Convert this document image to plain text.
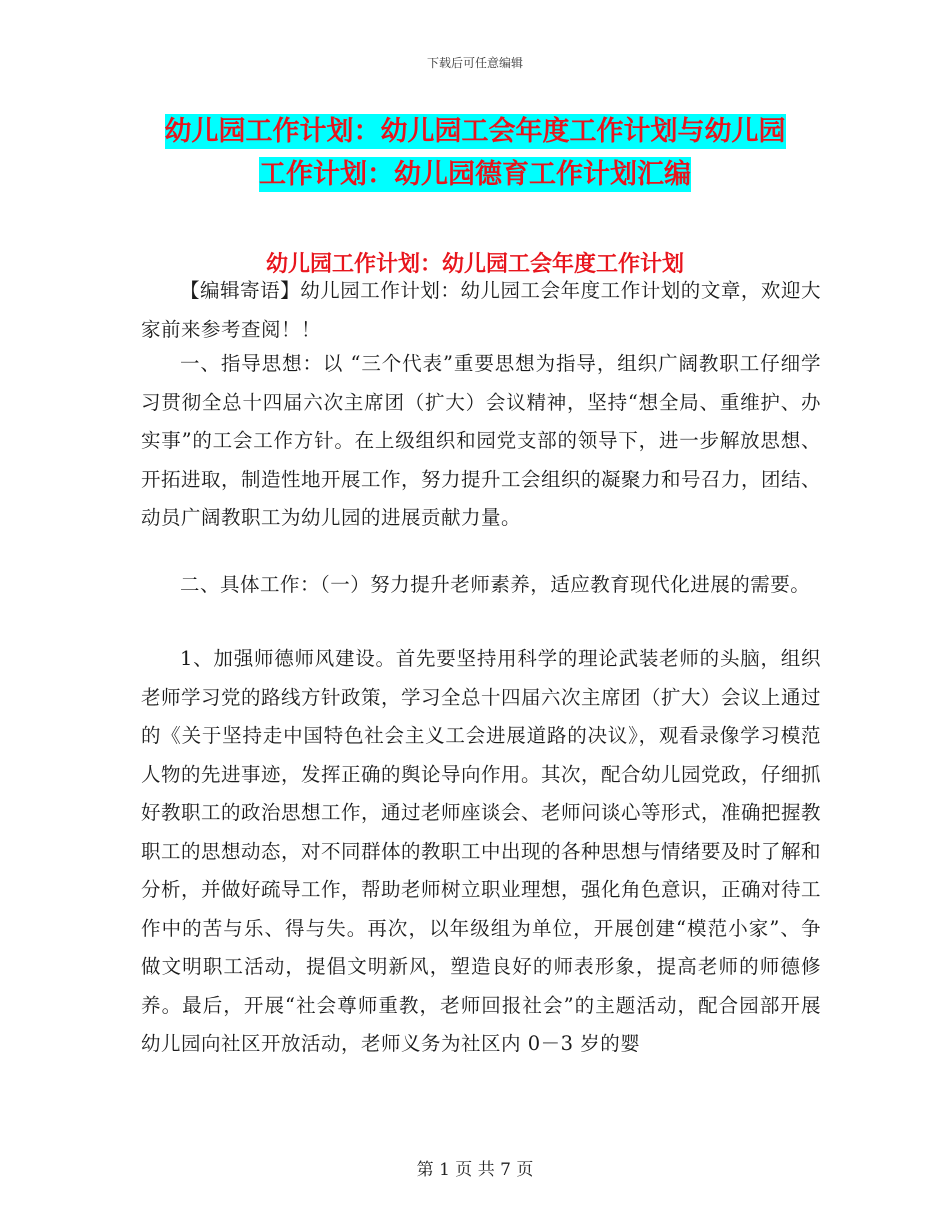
下载后可任意编辑
幼儿园工作计划：幼儿园工会年度工作计划与幼儿园
工作计划：幼儿园德育工作计划汇编
幼儿园工作计划：幼儿园工会年度工作计划

【编辑寄语】幼儿园工作计划：幼儿园工会年度工作计划的文章，欢迎大家前来参考查阅！！

一、指导思想：以 “三个代表”重要思想为指导，组织广阔教职工仔细学习贯彻全总十四届六次主席团（扩大）会议精神，坚持“想全局、重维护、办实事”的工会工作方针。在上级组织和园党支部的领导下，进一步解放思想、开拓进取，制造性地开展工作，努力提升工会组织的凝聚力和号召力，团结、动员广阔教职工为幼儿园的进展贡献力量。

二、具体工作：（一）努力提升老师素养，适应教育现代化进展的需要。

1、加强师德师风建设。首先要坚持用科学的理论武装老师的头脑，组织老师学习党的路线方针政策，学习全总十四届六次主席团（扩大）会议上通过的《关于坚持走中国特色社会主义工会进展道路的决议》，观看录像学习模范人物的先进事迹，发挥正确的舆论导向作用。其次，配合幼儿园党政，仔细抓好教职工的政治思想工作，通过老师座谈会、老师问谈心等形式，准确把握教职工的思想动态，对不同群体的教职工中出现的各种思想与情绪要及时了解和分析，并做好疏导工作，帮助老师树立职业理想，强化角色意识，正确对待工作中的苦与乐、得与失。再次，以年级组为单位，开展创建“模范小家”、争做文明职工活动，提倡文明新风，塑造良好的师表形象，提高老师的师德修养。最后，开展“社会尊师重教，老师回报社会”的主题活动，配合园部开展幼儿园向社区开放活动，老师义务为社区内 0－3 岁的婴

第 1 页 共 7 页
